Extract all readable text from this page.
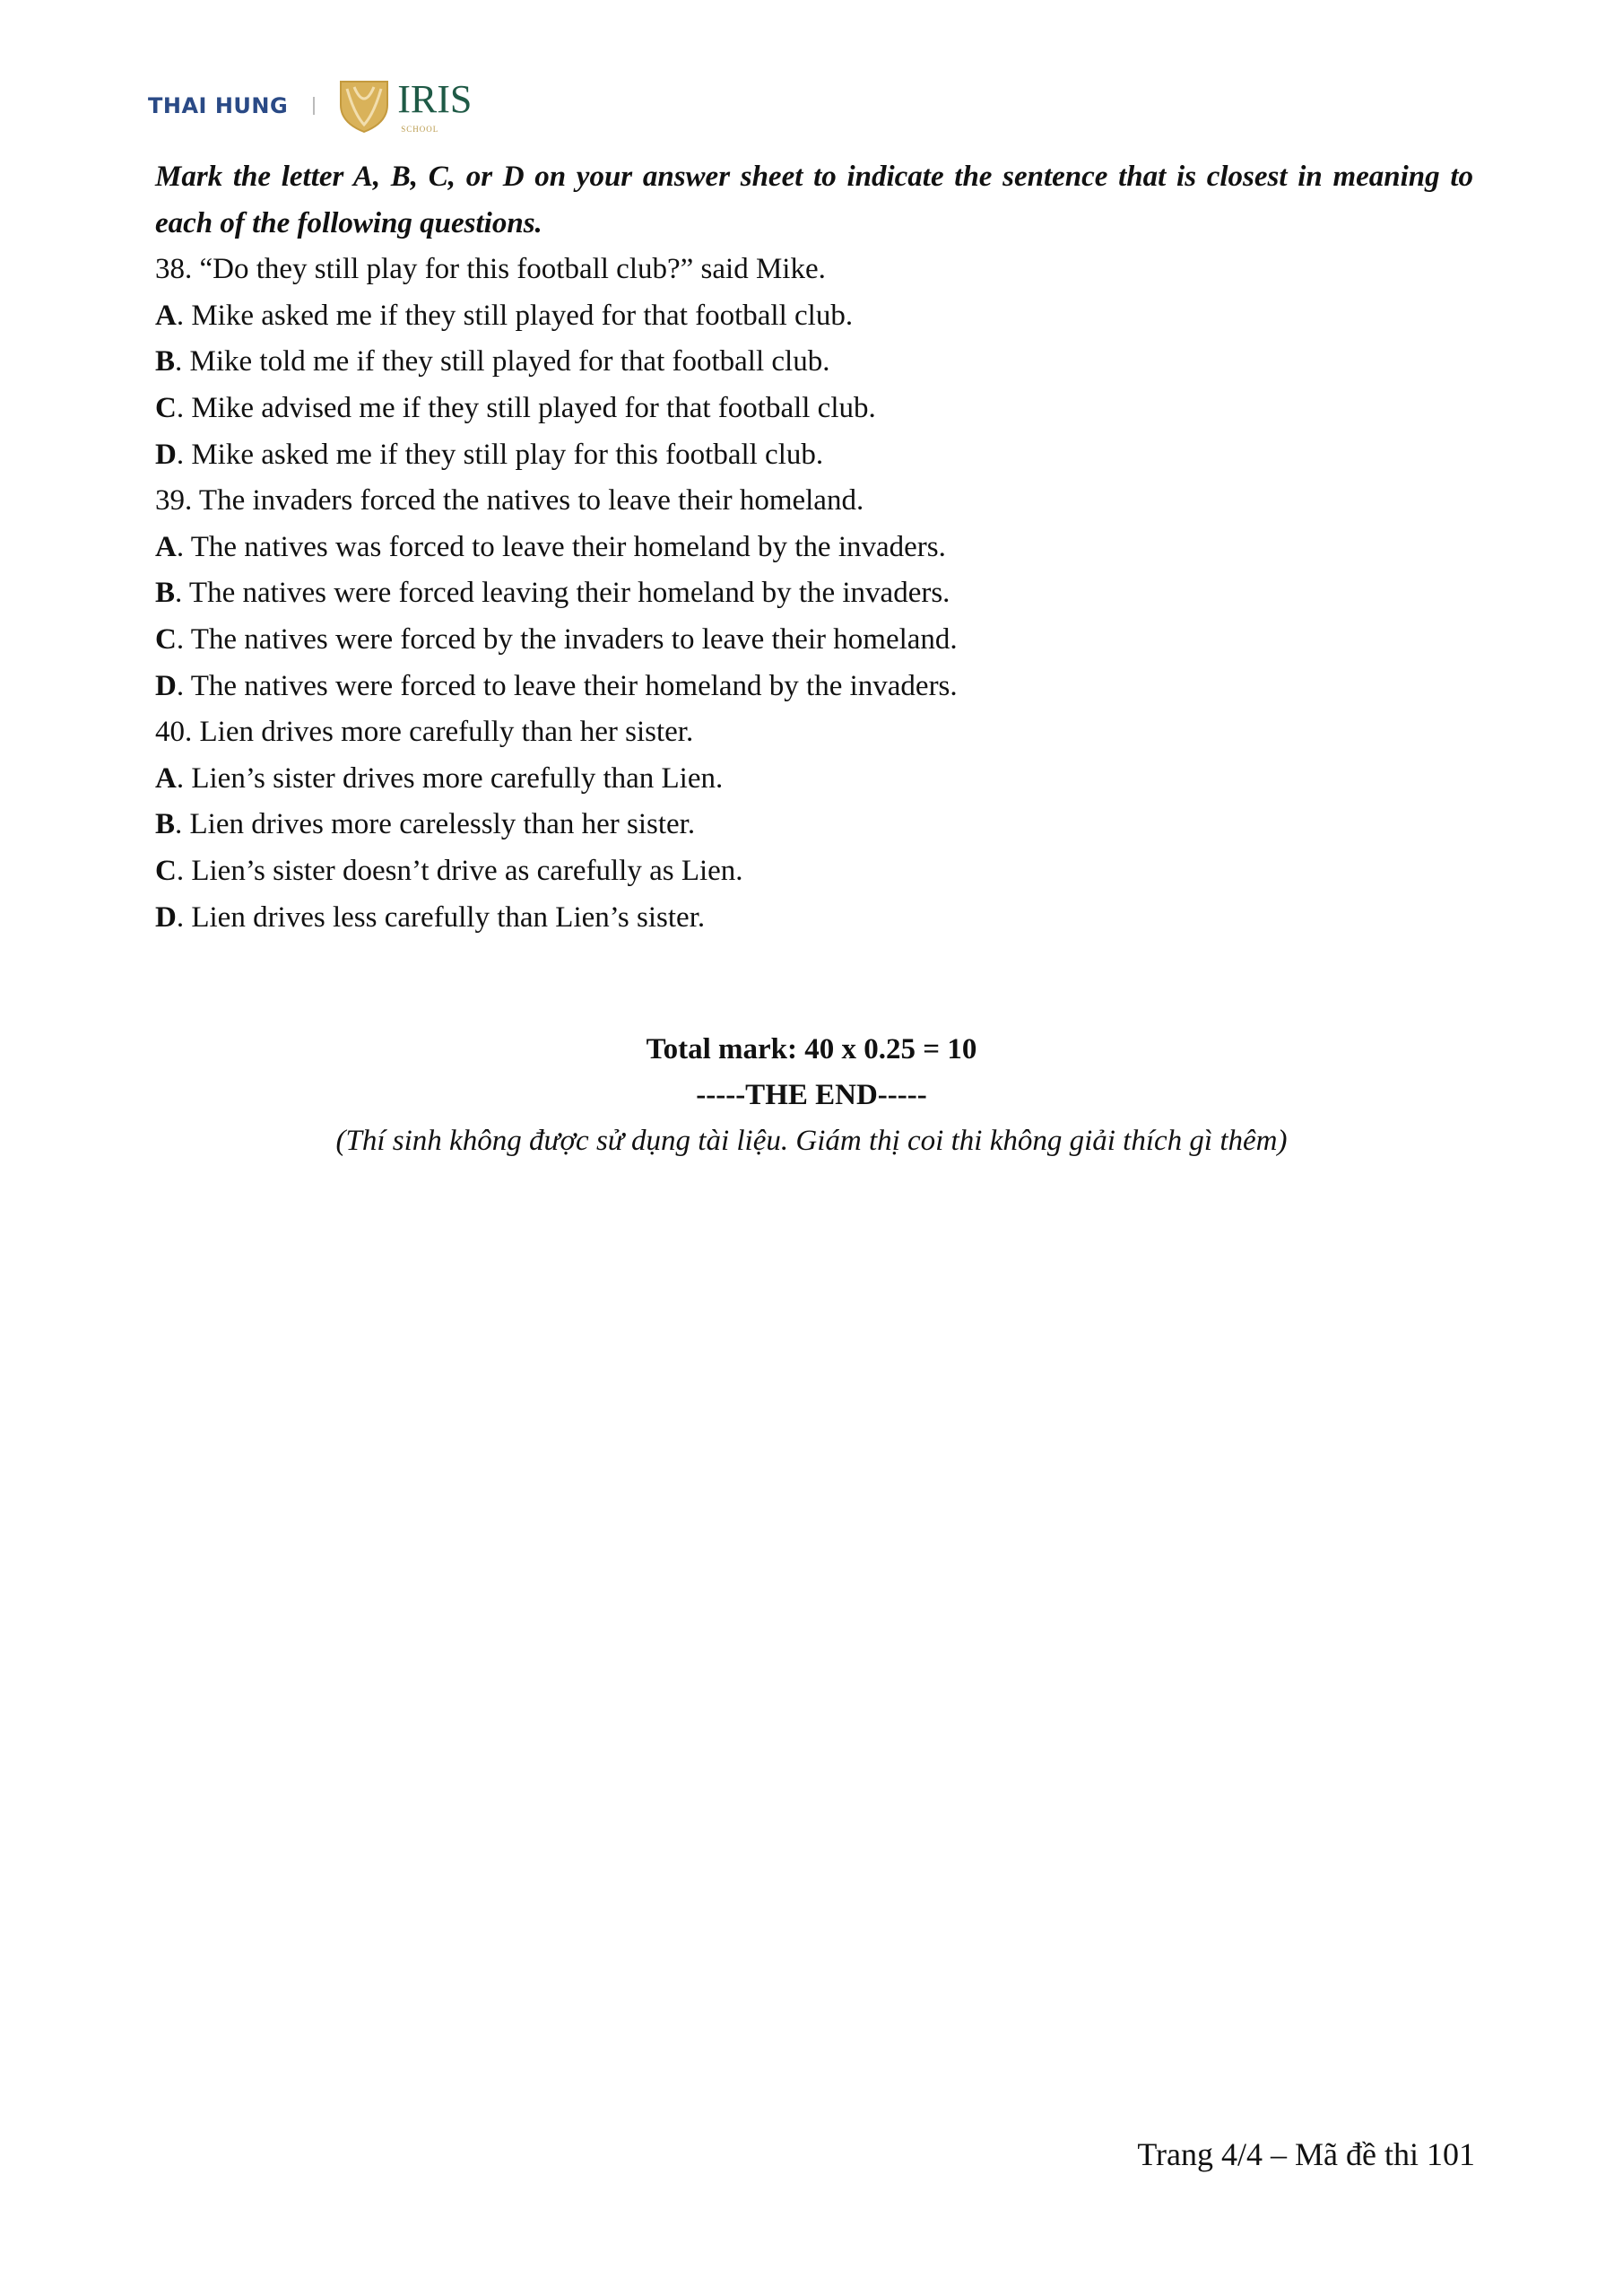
THAI HUNG	IRIS
SCHOOL
Mark the letter A, B, C, or D on your answer sheet to indicate the sentence that is closest in meaning to each of the following questions.
38. “Do they still play for this football club?” said Mike.
A. Mike asked me if they still played for that football club.
B. Mike told me if they still played for that football club.
C. Mike advised me if they still played for that football club.
D. Mike asked me if they still play for this football club.
39. The invaders forced the natives to leave their homeland.
A. The natives was forced to leave their homeland by the invaders.
B. The natives were forced leaving their homeland by the invaders.
C. The natives were forced by the invaders to leave their homeland.
D. The natives were forced to leave their homeland by the invaders.
40. Lien drives more carefully than her sister.
A. Lien’s sister drives more carefully than Lien.
B. Lien drives more carelessly than her sister.
C. Lien’s sister doesn’t drive as carefully as Lien.
D. Lien drives less carefully than Lien’s sister.
Total mark: 40 x 0.25 = 10
-----THE END-----
(Thí sinh không được sử dụng tài liệu. Giám thị coi thi không giải thích gì thêm)
Trang 4/4 – Mã đề thi 101
